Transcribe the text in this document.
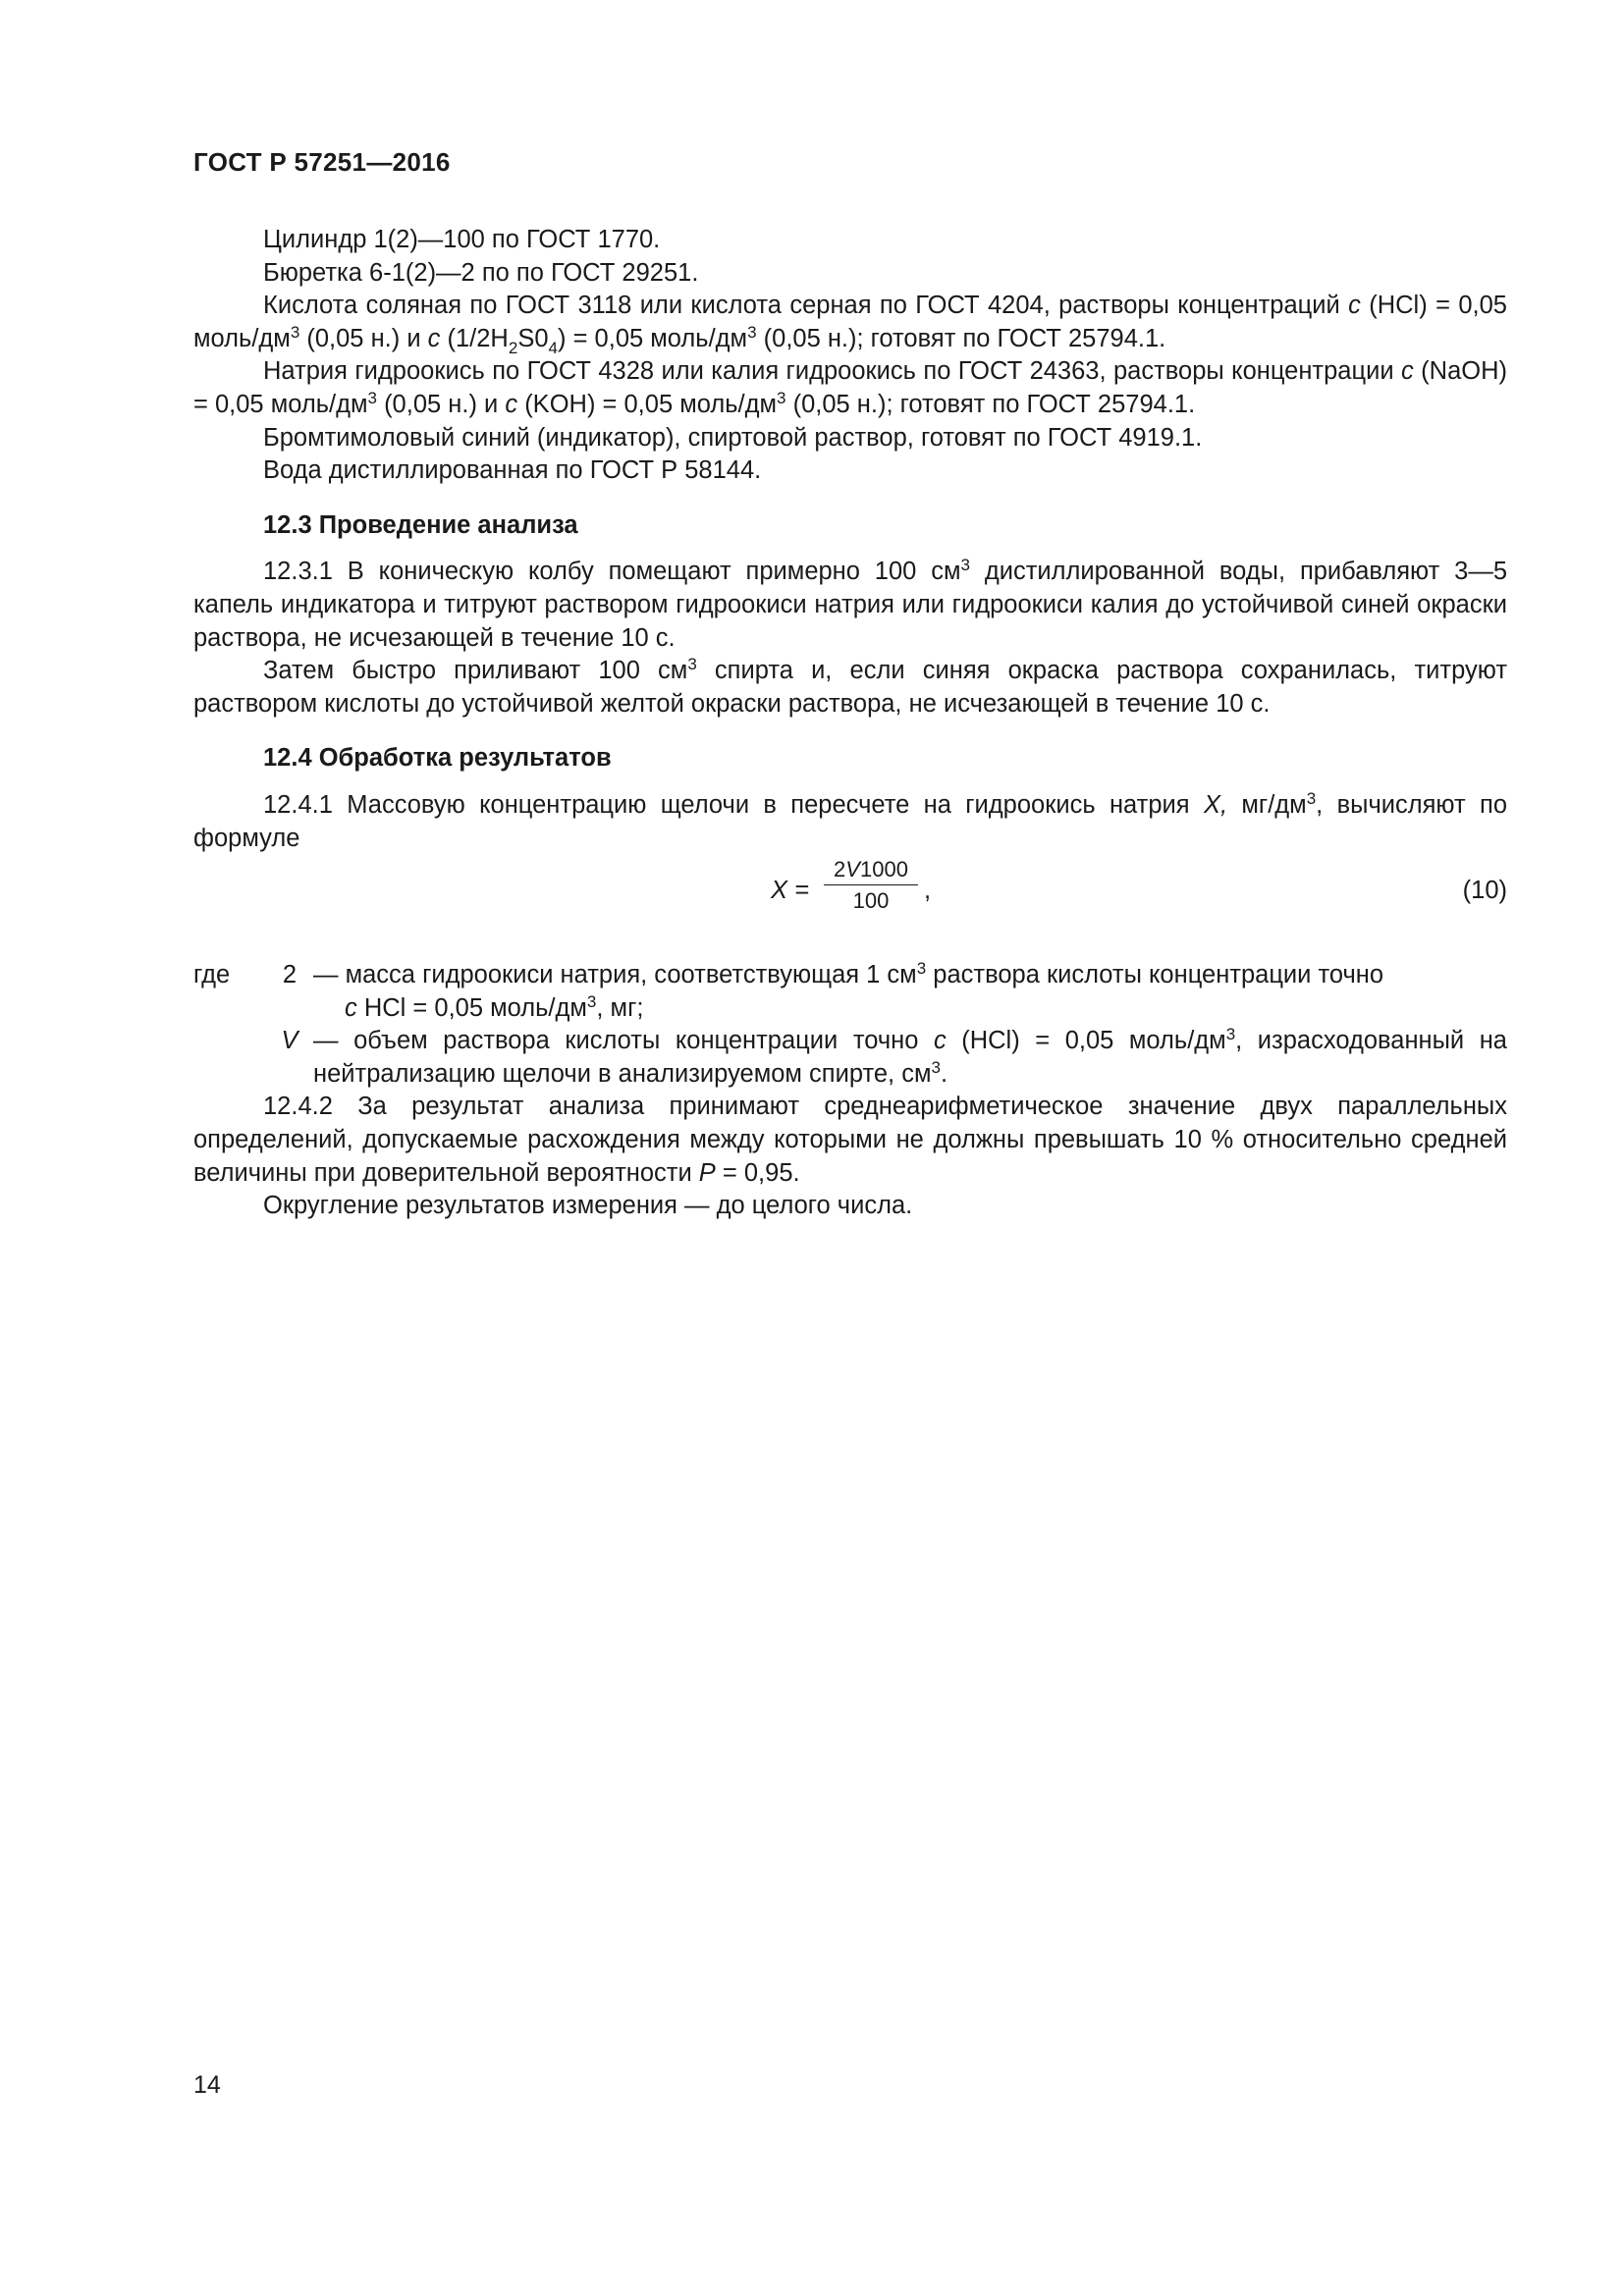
ГОСТ Р 57251—2016

Цилиндр 1(2)—100 по ГОСТ 1770.

Бюретка 6-1(2)—2 по по ГОСТ 29251.

Кислота соляная по ГОСТ 3118 или кислота серная по ГОСТ 4204, растворы концентраций c (HCl) = 0,05 моль/$дм^3$ (0,05 н.) и c $(1/2H_2S0_4) = 0,05$ моль/$дм^3$ (0,05 н.); готовят по ГОСТ 25794.1.

Натрия гидроокись по ГОСТ 4328 или калия гидроокись по ГОСТ 24363, растворы концентрации c (NaOH) = 0,05 моль/$дм^3$ (0,05 н.) и c (KOH) = 0,05 моль/$дм^3$ (0,05 н.); готовят по ГОСТ 25794.1.

Бромтимоловый синий (индикатор), спиртовой раствор, готовят по ГОСТ 4919.1.

Вода дистиллированная по ГОСТ Р 58144.

12.3 Проведение анализа

12.3.1 В коническую колбу помещают примерно 100 $см^3$ дистиллированной воды, прибавляют 3—5 капель индикатора и титруют раствором гидроокиси натрия или гидроокиси калия до устойчивой синей окраски раствора, не исчезающей в течение 10 с.

Затем быстро приливают 100 $см^3$ спирта и, если синяя окраска раствора сохранилась, титруют раствором кислоты до устойчивой желтой окраски раствора, не исчезающей в течение 10 с.

12.4 Обработка результатов

12.4.1 Массовую концентрацию щелочи в пересчете на гидроокись натрия X, $мг/дм^3$, вычисляют по формуле

$X = \frac{2V1000}{100}$ ,	(10)
где	2 — масса гидроокиси натрия, соответствующая 1 $см^3$ раствора кислоты концентрации точно
c HCl = 0,05 моль/$дм^3$, мг;
V — объем раствора кислоты концентрации точно c (HCl) = 0,05 моль/$дм^3$, израсходованный на нейтрализацию щелочи в анализируемом спирте, $см^3$.

12.4.2 За результат анализа принимают среднеарифметическое значение двух параллельных определений, допускаемые расхождения между которыми не должны превышать 10 % относительно средней величины при доверительной вероятности P = 0,95.

Округление результатов измерения — до целого числа.

14
